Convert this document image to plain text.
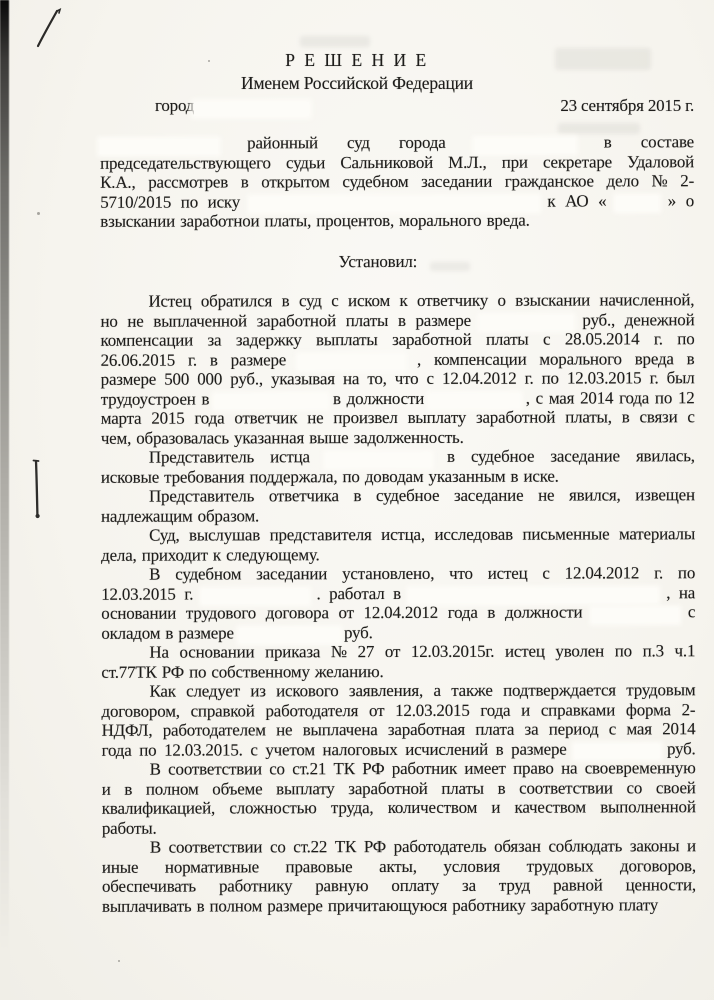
Р Е Ш Е Н И Е
Именем Российской Федерации
город	23 сентября 2015 г.
районный суд города	в составе
председательствующего судьи Сальниковой М.Л., при секретаре Удаловой
К.А., рассмотрев в открытом судебном заседании гражданское дело № 2-
5710/2015 по иску	к АО «	» о
взыскании заработнои платы, процентов, морального вреда.
Установил:
Истец обратился в суд с иском к ответчику о взыскании начисленной,
но не выплаченной заработной платы в размере	руб., денежной
компенсации за задержку выплаты заработной платы с 28.05.2014 г. по
26.06.2015 г. в размере	, компенсации морального вреда в
размере 500 000 руб., указывая на то, что с 12.04.2012 г. по 12.03.2015 г. был
трудоустроен в	в должности	, с мая 2014 года по 12
марта 2015 года ответчик не произвел выплату заработной платы, в связи с
чем, образовалась указанная выше задолженность.
Представитель истца	в судебное заседание явилась,
исковые требования поддержала, по доводам указанным в иске.
Представитель ответчика в судебное заседание не явился, извещен
надлежащим образом.
Суд, выслушав представителя истца, исследовав письменные материалы
дела, приходит к следующему.
В судебном заседании установлено, что истец с 12.04.2012 г. по
12.03.2015 г.	. работал в	, на
основании трудового договора от 12.04.2012 года в должности	с
окладом в размере	руб.
На основании приказа № 27 от 12.03.2015г. истец уволен по п.3 ч.1
ст.77ТК РФ по собственному желанию.
Как следует из искового заявления, а также подтверждается трудовым
договором, справкой работодателя от 12.03.2015 года и справками форма 2-
НДФЛ, работодателем не выплачена заработная плата за период с мая 2014
года по 12.03.2015. с учетом налоговых исчислений в размере	руб.
В соответствии со ст.21 ТК РФ работник имеет право на своевременную
и в полном объеме выплату заработной платы в соответствии со своей
квалификацией, сложностью труда, количеством и качеством выполненной
работы.
В соответствии со ст.22 ТК РФ работодатель обязан соблюдать законы и
иные нормативные правовые акты, условия трудовых договоров,
обеспечивать работнику равную оплату за труд равной ценности,
выплачивать в полном размере причитающуюся работнику заработную плату
